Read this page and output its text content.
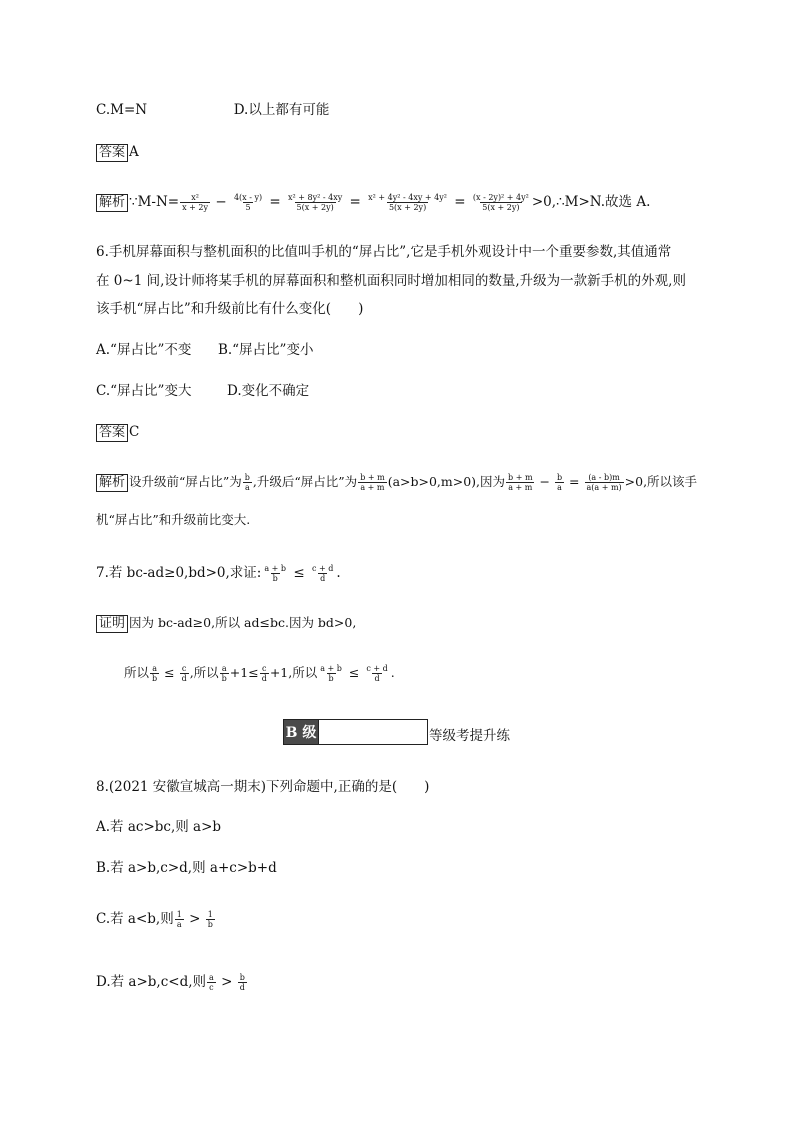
C.M=N	D.以上都有可能
答案 A
解析 ∵M-N= $\frac{\text{x²}}{x + 2y} - \frac{4(x - y)}{5} = \frac{\text{x² + 8y² - 4xy}}{5(x + 2y)} = \frac{\text{x² + 4y² - 4xy + 4y²}}{5(x + 2y)} = \frac{\text{(x - 2y)² + 4y²}}{5(x + 2y)}$ >0,∴M>N.故选 A.
6.手机屏幕面积与整机面积的比值叫手机的“屏占比”,它是手机外观设计中一个重要参数,其值通常
在 0~1 间,设计师将某手机的屏幕面积和整机面积同时增加相同的数量,升级为一款新手机的外观,则
该手机“屏占比”和升级前比有什么变化(　　)
A.“屏占比”不变 B.“屏占比”变小
C.“屏占比”变大	D.变化不确定
答案 C
解析 设升级前“屏占比”为 $\frac{b}{a}$ ,升级后“屏占比”为 $\frac{b + m}{a + m} (a>b>0,m>0)$,因为 $\frac{b + m}{a + m} - \frac{b}{a} = \frac{(a - b)m}{a(a + m)} >0$,所以该手
机“屏占比”和升级前比变大.
7.若 bc-ad≥0,bd>0,求证: $\frac{a + b}{b} \le \frac{c + d}{d}$ .
证明 因为 bc-ad≥0,所以 ad≤bc.因为 bd>0,
所以 $\frac{a}{b} \le \frac{c}{d}$ ,所以 $\frac{a}{b} +1\le \frac{c}{d} +1$,所以 $\frac{a + b}{b} \le \frac{c + d}{d}$ .
B 级	等级考提升练
8.(2021 安徽宣城高一期末)下列命题中,正确的是(　　)
A.若 ac>bc,则 a>b
B.若 a>b,c>d,则 a+c>b+d
C.若 a<b,则 $\frac{1}{a} > \frac{1}{b}$
D.若 a>b,c<d,则 $\frac{a}{c} > \frac{b}{d}$
